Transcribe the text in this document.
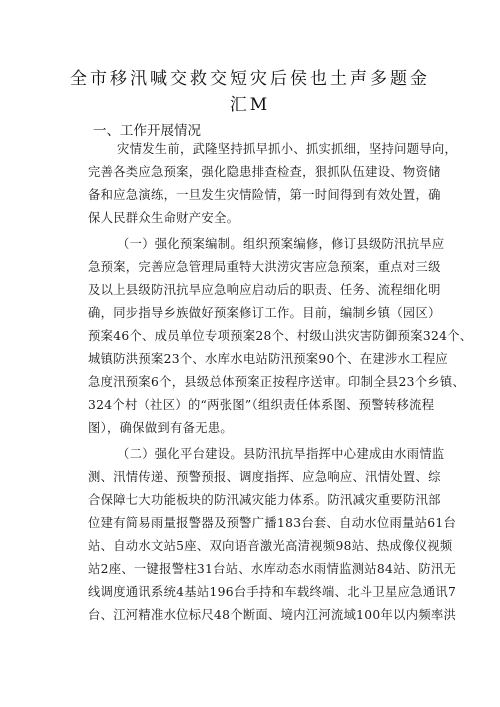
全市移汛喊交救交短灾后侯也土声多题金
汇M
一、工作开展情况
灾情发生前，武隆坚持抓早抓小、抓实抓细，坚持问题导向，
完善各类应急预案，强化隐患排查检查，狠抓队伍建设、物资储
备和应急演练，一旦发生灾情险情，第一时间得到有效处置，确
保人民群众生命财产安全。
（一）强化预案编制。组织预案编修，修订县级防汛抗旱应
急预案，完善应急管理局重特大洪涝灾害应急预案，重点对三级
及以上县级防汛抗旱应急响应启动后的职责、任务、流程细化明
确，同步指导乡族做好预案修订工作。目前，编制乡镇（园区）
预案46个、成员单位专项预案28个、村级山洪灾害防御预案324个、
城镇防洪预案23个、水库水电站防汛预案90个、在建涉水工程应
急度汛预案6个，县级总体预案正按程序送审。印制全县23个乡镇、
324个村（社区）的“两张图”（组织责任体系图、预警转移流程
图），确保做到有备无患。
（二）强化平台建设。县防汛抗旱指挥中心建成由水雨情监
测、汛情传递、预警预报、调度指挥、应急响应、汛情处置、综
合保障七大功能板块的防汛减灾能力体系。防汛减灾重要防汛部
位建有简易雨量报警器及预警广播183台套、自动水位雨量站61台
站、自动水文站5座、双向语音激光高清视频98站、热成像仪视频
站2座、一键报警柱31台站、水库动态水雨情监测站84站、防汛无
线调度通讯系统4基站196台手持和车载终端、北斗卫星应急通讯7
台、江河精准水位标尺48个断面、境内江河流域100年以内频率洪
